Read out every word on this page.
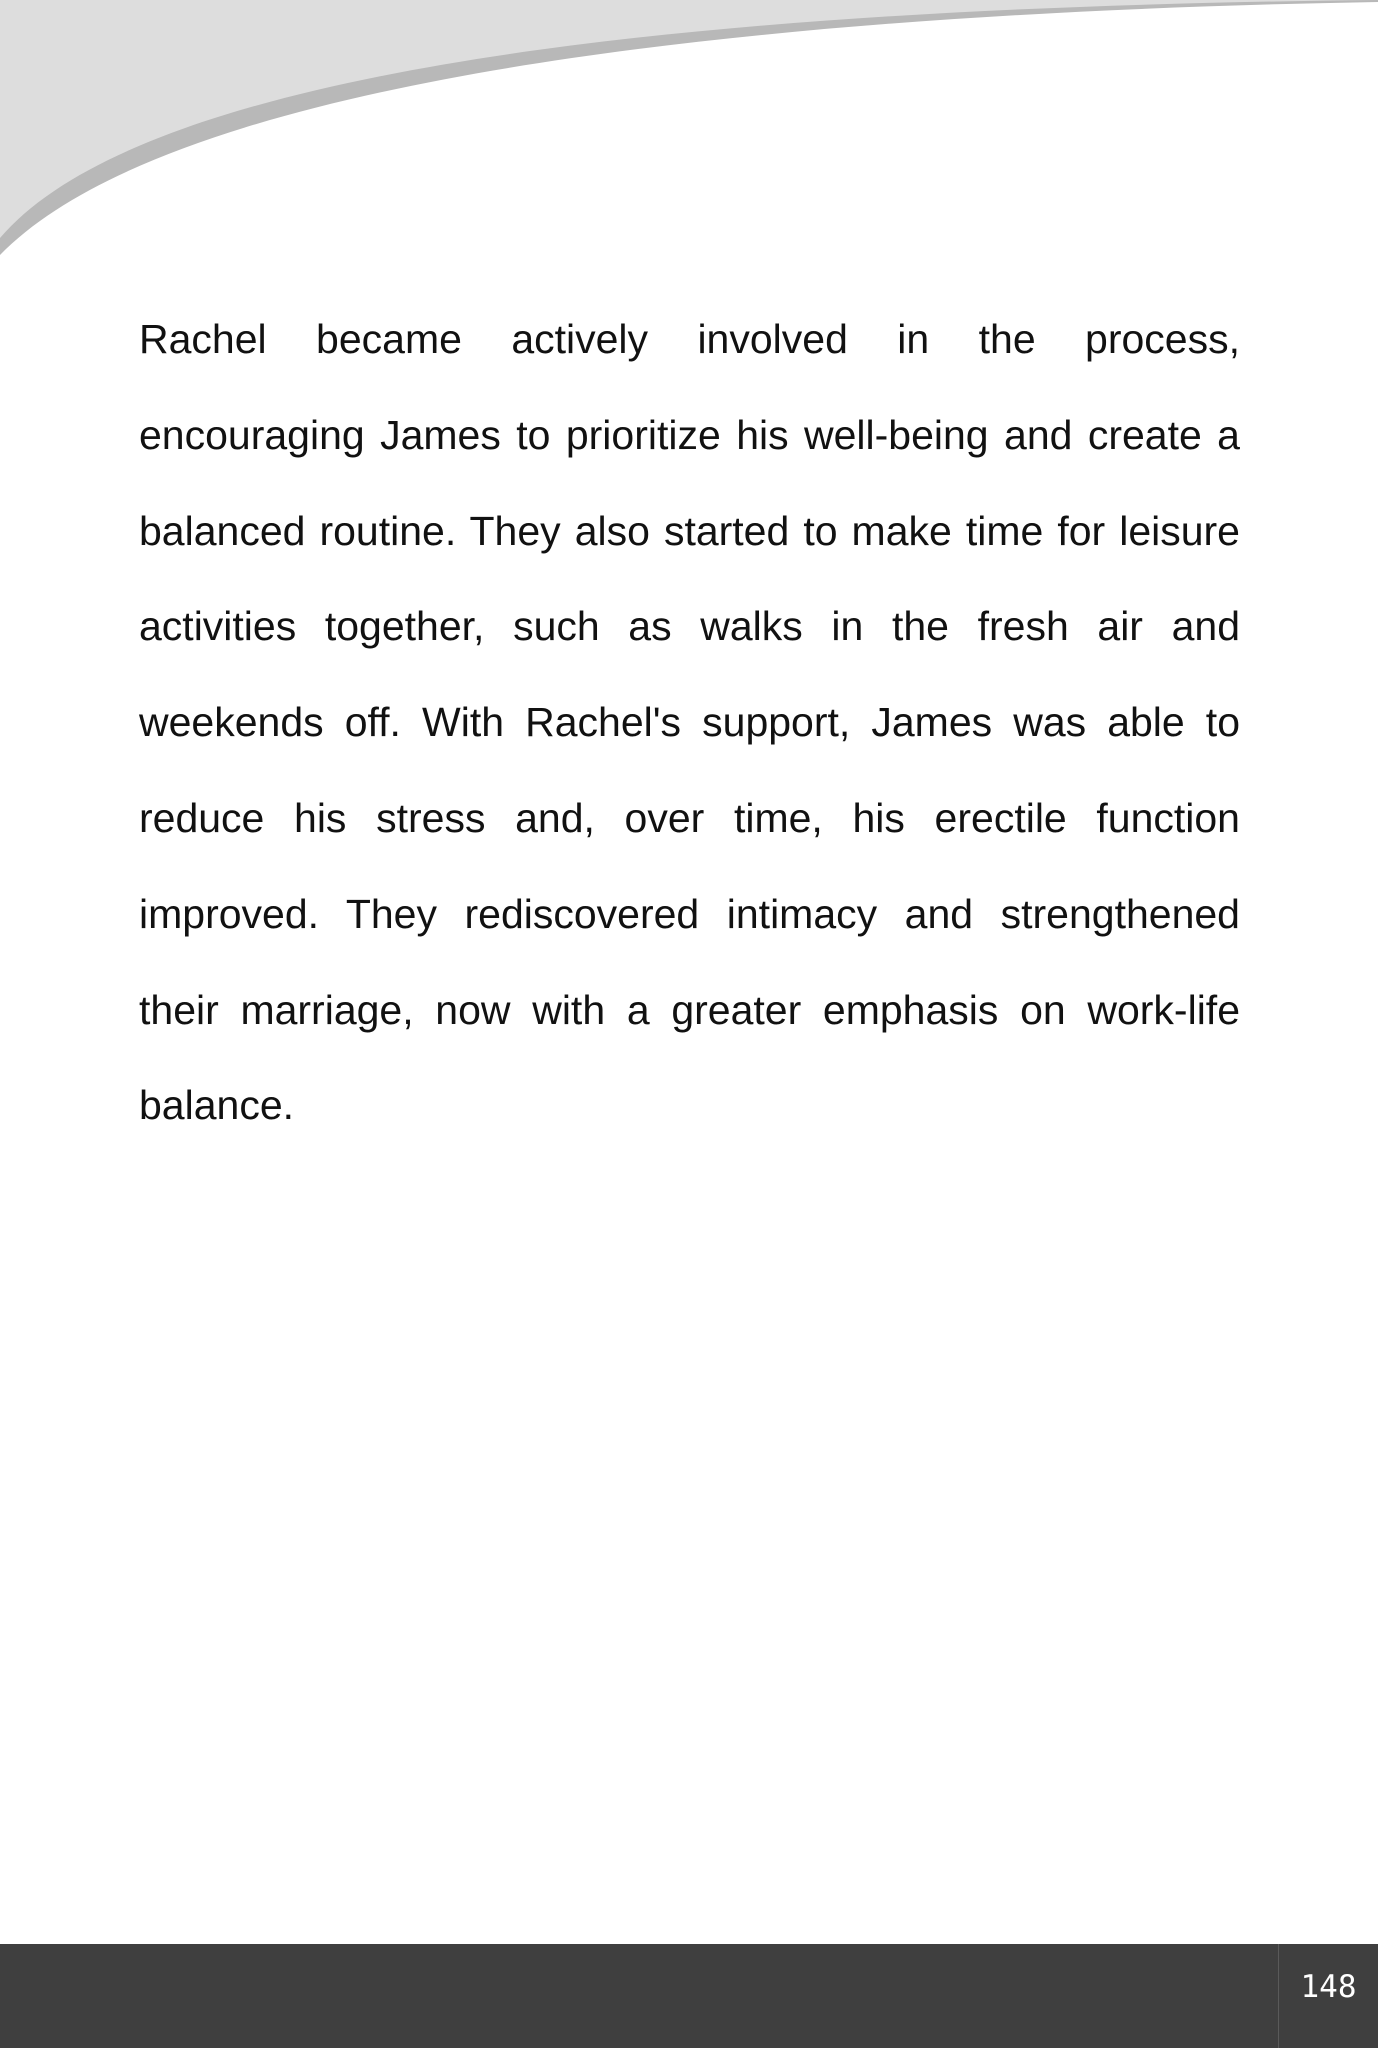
Rachel became actively involved in the process, encouraging James to prioritize his well-being and create a balanced routine. They also started to make time for leisure activities together, such as walks in the fresh air and weekends off. With Rachel's support, James was able to reduce his stress and, over time, his erectile function improved. They rediscovered intimacy and strengthened their marriage, now with a greater emphasis on work-life balance.

148
